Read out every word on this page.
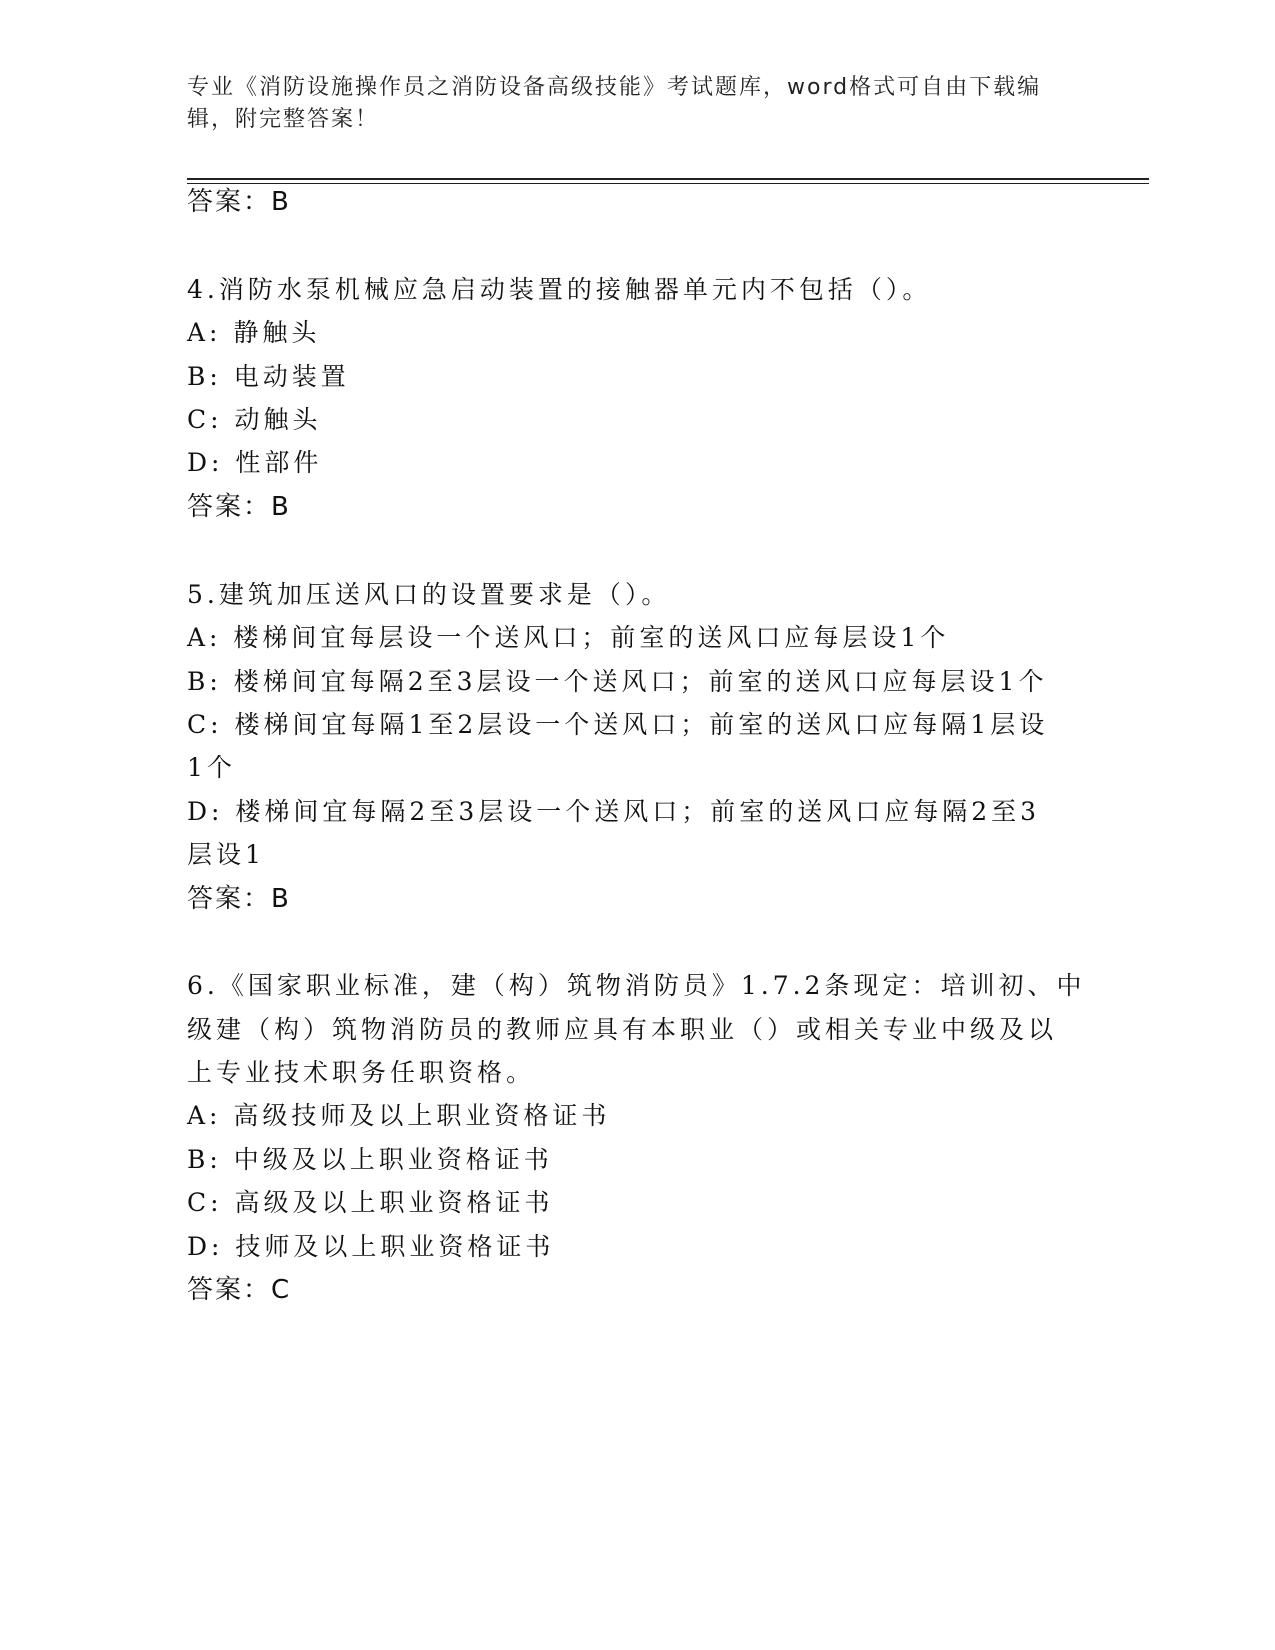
专业《消防设施操作员之消防设备高级技能》考试题库，word格式可自由下载编辑，附完整答案！
答案：B
4.消防水泵机械应急启动装置的接触器单元内不包括（）。
A: 静触头
B: 电动装置
C: 动触头
D: 性部件
答案：B
5.建筑加压送风口的设置要求是（）。
A: 楼梯间宜每层设一个送风口；前室的送风口应每层设1个
B: 楼梯间宜每隔2至3层设一个送风口；前室的送风口应每层设1个
C: 楼梯间宜每隔1至2层设一个送风口；前室的送风口应每隔1层设
1个
D: 楼梯间宜每隔2至3层设一个送风口；前室的送风口应每隔2至3
层设1
答案：B
6.《国家职业标准，建（构）筑物消防员》1.7.2条现定：培训初、中
级建（构）筑物消防员的教师应具有本职业（）或相关专业中级及以
上专业技术职务任职资格。
A: 高级技师及以上职业资格证书
B: 中级及以上职业资格证书
C: 高级及以上职业资格证书
D: 技师及以上职业资格证书
答案：C
